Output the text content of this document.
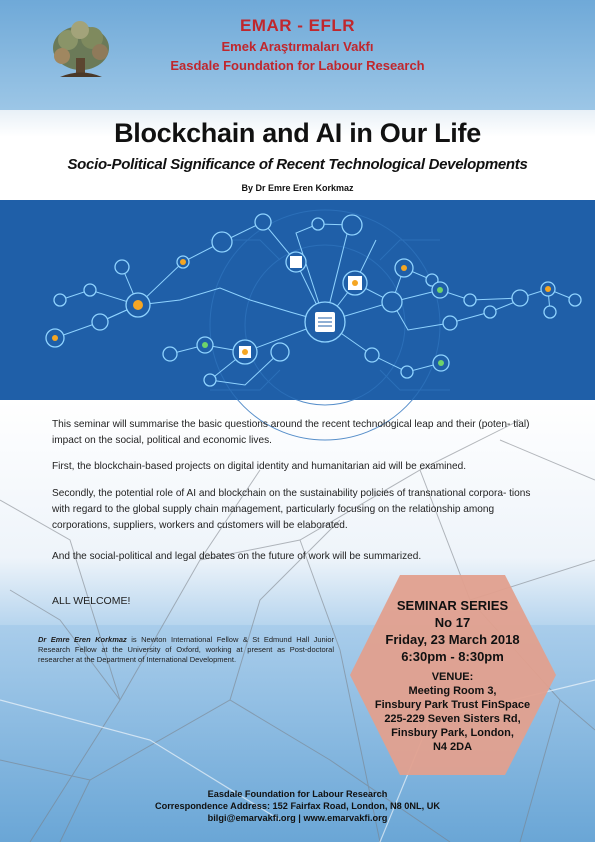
EMAR - EFLR
Emek Araştırmaları Vakfı
Easdale Foundation for Labour Research
Blockchain and AI in Our Life
Socio-Political Significance of Recent Technological Developments
By Dr Emre Eren Korkmaz
This seminar will summarise the basic questions around the recent technological leap and their (poten- tial) impact on the social, political and economic lives.
First, the blockchain-based projects on digital identity and humanitarian aid will be examined.
Secondly, the potential role of AI and blockchain on the sustainability policies of transnational corpora- tions with regard to the global supply chain management, particularly focusing on the relationship among corporations, suppliers, workers and customers will be elaborated.
And the social-political and legal debates on the future of work will be summarized.
ALL WELCOME!
Dr Emre Eren Korkmaz is Newton International Fellow & St Edmund Hall Junior Research Fellow at the University of Oxford, working at present as Post-doctoral researcher at the Department of International Development.
SEMINAR SERIES
No 17
Friday, 23 March 2018
6:30pm - 8:30pm
VENUE:
Meeting Room 3,
Finsbury Park Trust FinSpace
225-229 Seven Sisters Rd,
Finsbury Park, London,
N4 2DA
Easdale Foundation for Labour Research
Correspondence Address: 152 Fairfax Road, London, N8 0NL, UK
bilgi@emarvakfi.org | www.emarvakfi.org
